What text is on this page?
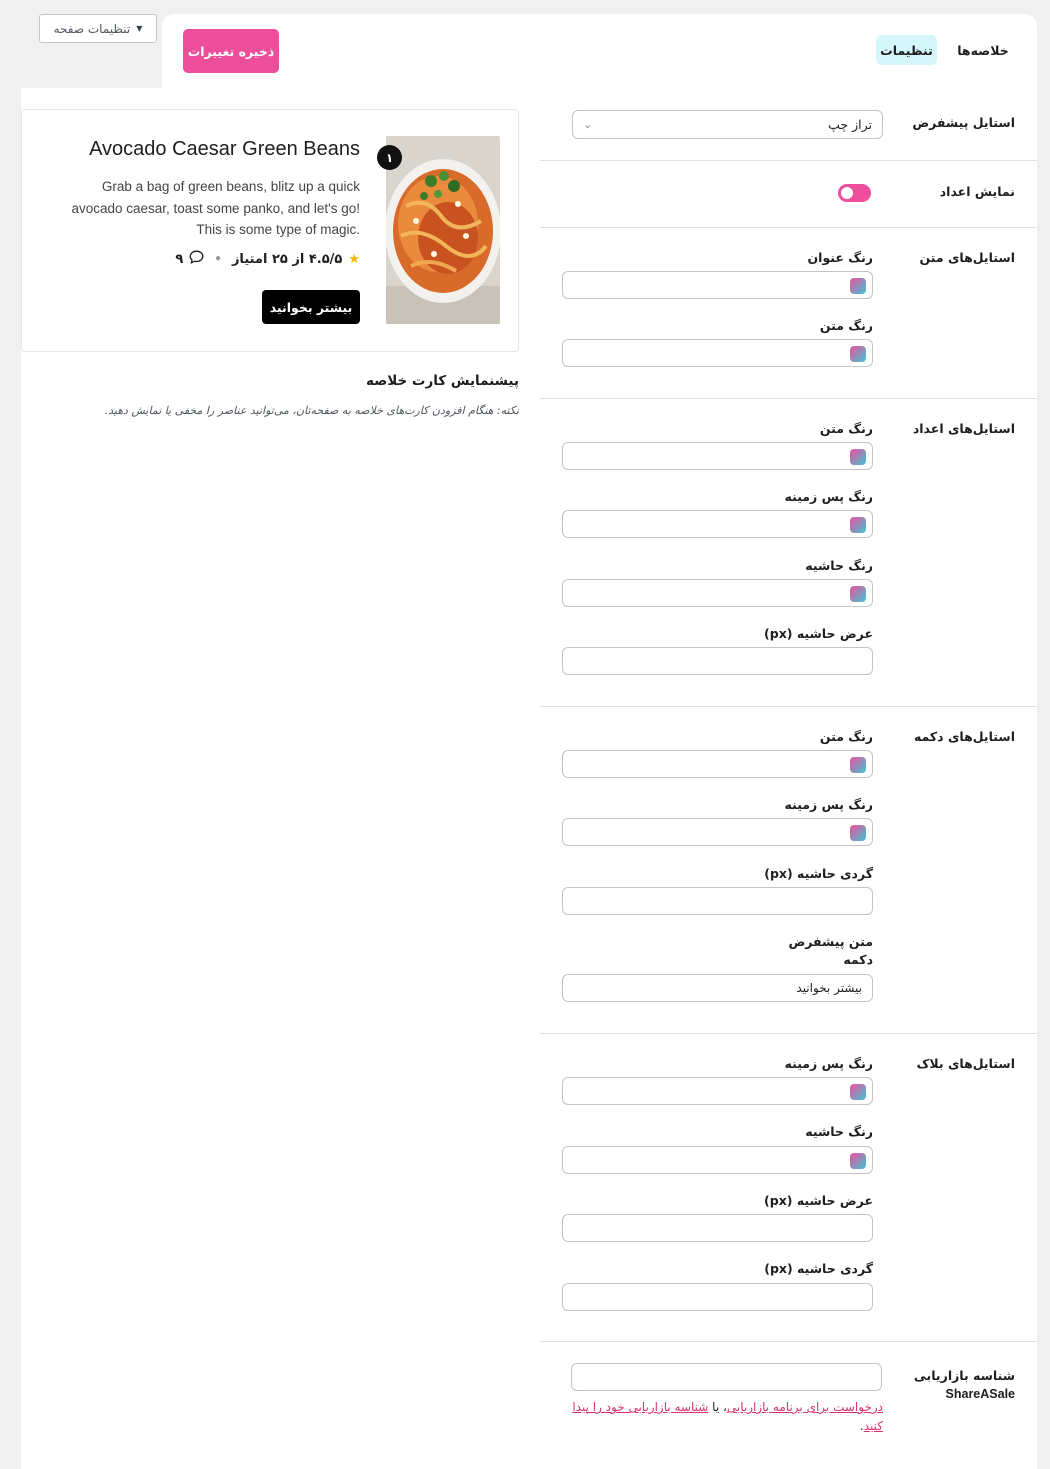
تنظیمات صفحه ▼
ذخیره تغییرات	تنظیمات	خلاصه‌ها
استایل پیشفرض
تراز چپ
⌄
نمایش اعداد
استایل‌های متن
رنگ عنوان
رنگ متن
استایل‌های اعداد
رنگ متن
رنگ پس زمینه
رنگ حاشیه
عرض حاشیه (px)
استایل‌های دکمه
رنگ متن
رنگ پس زمینه
گردی حاشیه (px)
متن پیشفرض
دکمه
بیشتر بخوانید
استایل‌های بلاک
رنگ پس زمینه
رنگ حاشیه
عرض حاشیه (px)
گردی حاشیه (px)
شناسه بازاریابی
ShareASale
درخواست برای برنامه بازاریابی، یا شناسه بازاریابی خود را پیدا
کنید.
١
Avocado Caesar Green Beans
Grab a bag of green beans, blitz up a quick
!avocado caesar, toast some panko, and let's go
.This is some type of magic
★
۴.۵/۵ از ۲۵ امتیاز
•
۹
بیشتر بخوانید
پیشنمایش کارت خلاصه
نکته: هنگام افزودن کارت‌های خلاصه به صفحه‌تان، می‌توانید عناصر را مخفی یا نمایش دهید.
